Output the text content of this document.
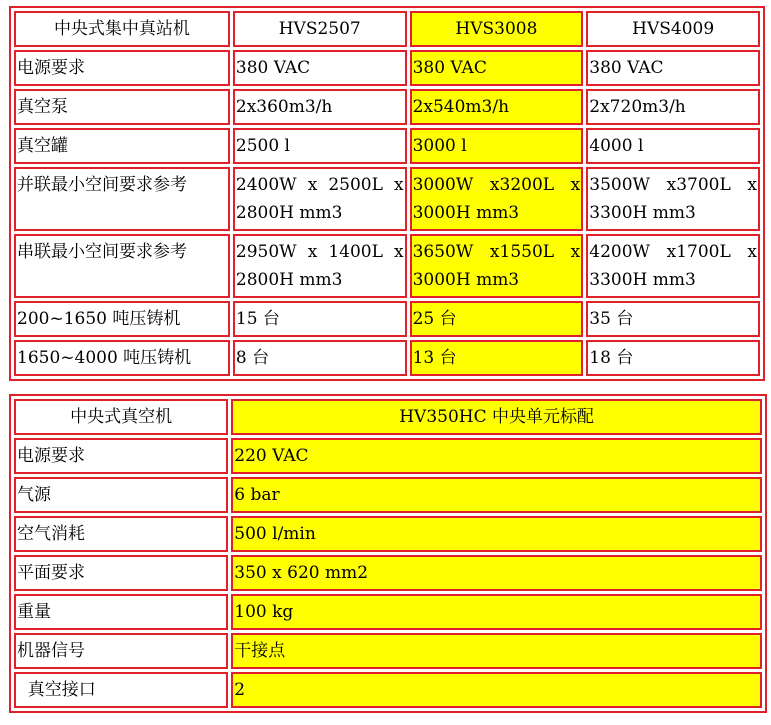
中央式集中真站机	HVS2507	HVS3008	HVS4009
电源要求	380 VAC	380 VAC	380 VAC
真空泵	2x360m3/h	2x540m3/h	2x720m3/h
真空罐	2500 l	3000 l	4000 l
并联最小空间要求参考	2400W x 2500L x 2800H mm3	3000W x3200L x 3000H mm3	3500W x3700L x 3300H mm3
串联最小空间要求参考	2950W x 1400L x 2800H mm3	3650W x1550L x 3000H mm3	4200W x1700L x 3300H mm3
200~1650 吨压铸机	15 台	25 台	35 台
1650~4000 吨压铸机	8 台	13 台	18 台
中央式真空机	HV350HC 中央单元标配
电源要求	220 VAC
气源	6 bar
空气消耗	500 l/min
平面要求	350 x 620 mm2
重量	100 kg
机器信号	干接点
真空接口	2
